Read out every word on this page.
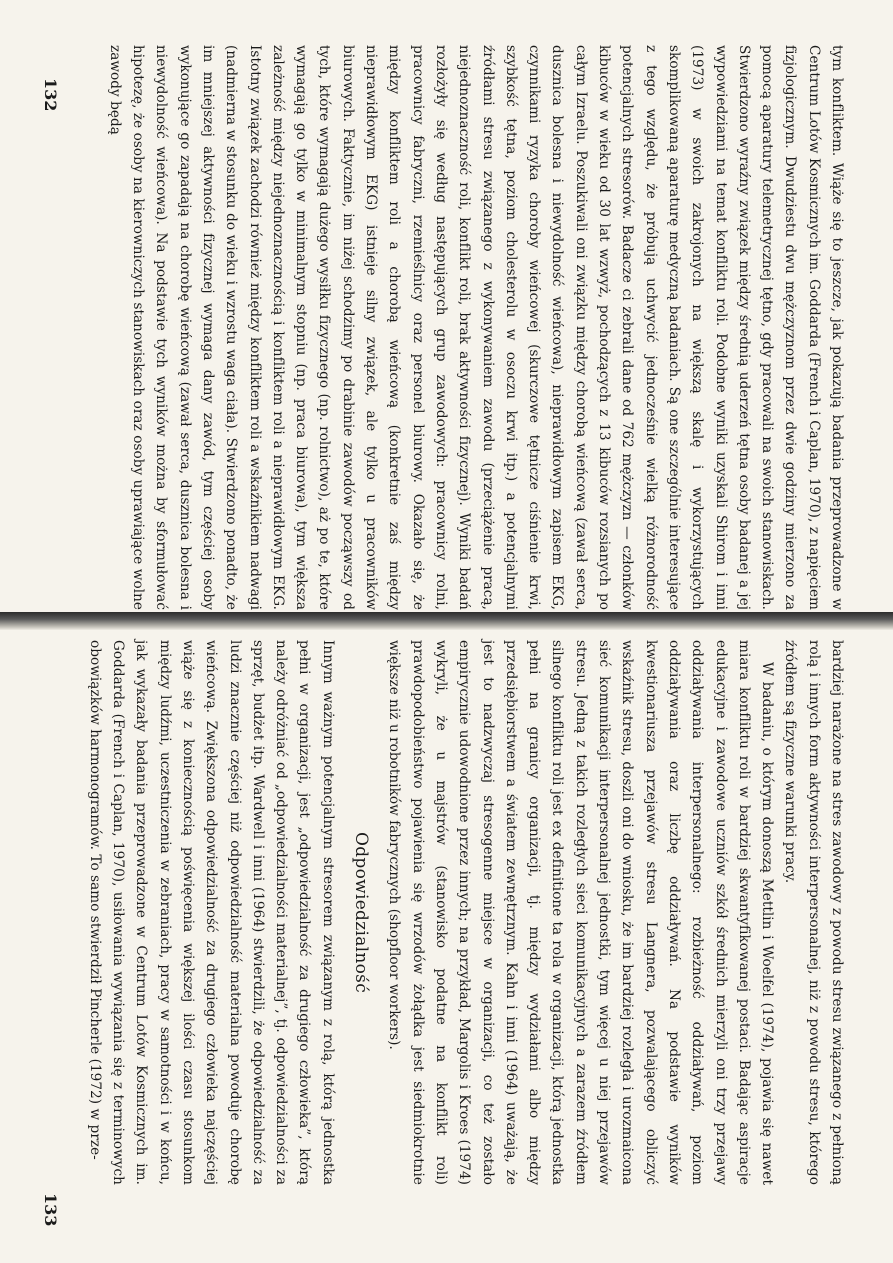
tym konfliktem. Wiąże się to jeszcze, jak pokazują badania przeprowadzone w Centrum Lotów Kosmicznych im. Goddarda (French i Caplan, 1970), z napięciem fizjologicznym. Dwudziestu dwu mężczyznom przez dwie godziny mierzono za pomocą aparatury telemetrycznej tętno, gdy pracowali na swoich stanowiskach. Stwierdzono wyraźny związek między średnią uderzeń tętna osoby badanej a jej wypowiedziami na temat konfliktu roli. Podobne wyniki uzyskali Shirom i inni (1973) w swoich zakrojonych na większą skalę i wykorzystujących skomplikowaną aparaturę medyczną badaniach. Są one szczególnie interesujące z tego względu, że próbują uchwycić jednocześnie wielką różnorodność potencjalnych stresorów. Badacze ci zebrali dane od 762 mężczyzn — członków kibuców w wieku od 30 lat wzwyż, pochodzących z 13 kibuców rozsianych po całym Izraelu. Poszukiwali oni związku między chorobą wieńcową (zawał serca, dusznica bolesna i niewydolność wieńcowa), nieprawidłowym zapisem EKG, czynnikami ryzyka choroby wieńcowej (skurczowe tętnicze ciśnienie krwi, szybkość tętna, poziom cholesterolu w osoczu krwi itp.) a potencjalnymi źródłami stresu związanego z wykonywaniem zawodu (przeciążenie pracą, niejednoznaczność roli, konflikt roli, brak aktywności fizycznej). Wyniki badań rozłożyły się według następujących grup zawodowych: pracownicy rolni, pracownicy fabryczni, rzemieślnicy oraz personel biurowy. Okazało się, że między konfliktem roli a chorobą wieńcową (konkretnie zaś między nieprawidłowym EKG) istnieje silny związek, ale tylko u pracowników biurowych. Faktycznie, im niżej schodzimy po drabinie zawodów począwszy od tych, które wymagają dużego wysiłku fizycznego (np. rolnictwo), aż po te, które wymagają go tylko w minimalnym stopniu (np. praca biurowa), tym większa zależność między niejednoznacznością i konfliktem roli a nieprawidłowym EKG. Istotny związek zachodzi również między konfliktem roli a wskaźnikiem nadwagi (nadmierna w stosunku do wieku i wzrostu waga ciała). Stwierdzono ponadto, że im mniejszej aktywności fizycznej wymaga dany zawód, tym częściej osoby wykonujące go zapadają na chorobę wieńcową (zawał serca, dusznica bolesna i niewydolność wieńcowa). Na podstawie tych wyników można by sformułować hipotezę, że osoby na kierowniczych stanowiskach oraz osoby uprawiające wolne zawody będą

132

bardziej narażone na stres zawodowy z powodu stresu związanego z pełnioną rolą i innych form aktywności interpersonalnej, niż z powodu stresu, którego źródłem są fizyczne warunki pracy.

W badaniu, o którym donoszą Mettlin i Woelfel (1974), pojawia się nawet miara konfliktu roli w bardziej skwantyfikowanej postaci. Badając aspiracje edukacyjne i zawodowe uczniów szkół średnich mierzyli oni trzy przejawy oddziaływania interpersonalnego: rozbieżność oddziaływań, poziom oddziaływania oraz liczbę oddziaływań. Na podstawie wyników kwestionariusza przejawów stresu Langnera, pozwalającego obliczyć wskaźnik stresu, doszli oni do wniosku, że im bardziej rozległa i urozmaicona sieć komunikacji interpersonalnej jednostki, tym więcej u niej przejawów stresu. Jedną z takich rozległych sieci komunikacyjnych a zarazem źródłem silnego konfliktu roli jest ex definitione ta rola w organizacji, którą jednostka pełni na granicy organizacji, tj. między wydziałami albo między przedsiębiorstwem a światem zewnętrznym. Kahn i inni (1964) uważają, że jest to nadzwyczaj stresogenne miejsce w organizacji, co też zostało empirycznie udowodnione przez innych; na przykład, Margolis i Kroes (1974) wykryli, że u majstrów (stanowisko podatne na konflikt roli) prawdopodobieństwo pojawienia się wrzodów żołądka jest siedmiokrotnie większe niż u robotników fabrycznych (shopfloor workers).

Odpowiedzialność

Innym ważnym potencjalnym stresorem związanym z rolą, którą jednostka pełni w organizacji, jest „odpowiedzialność za drugiego człowieka”, którą należy odróżniać od „odpowiedzialności materialnej”, tj. odpowiedzialności za sprzęt, budżet itp. Wardwell i inni (1964) stwierdzili, że odpowiedzialność za ludzi znacznie częściej niż odpowiedzialność materialna powoduje chorobę wieńcową. Zwiększona odpowiedzialność za drugiego człowieka najczęściej wiąże się z koniecznością poświęcenia większej ilości czasu stosunkom między ludźmi, uczestniczenia w zebraniach, pracy w samotności i w końcu, jak wykazały badania przeprowadzone w Centrum Lotów Kosmicznych im. Goddarda (French i Caplan, 1970), usiłowania wywiązania się z terminowych obowiązków harmonogramów. To samo stwierdził Pincherle (1972) w prze-

133
